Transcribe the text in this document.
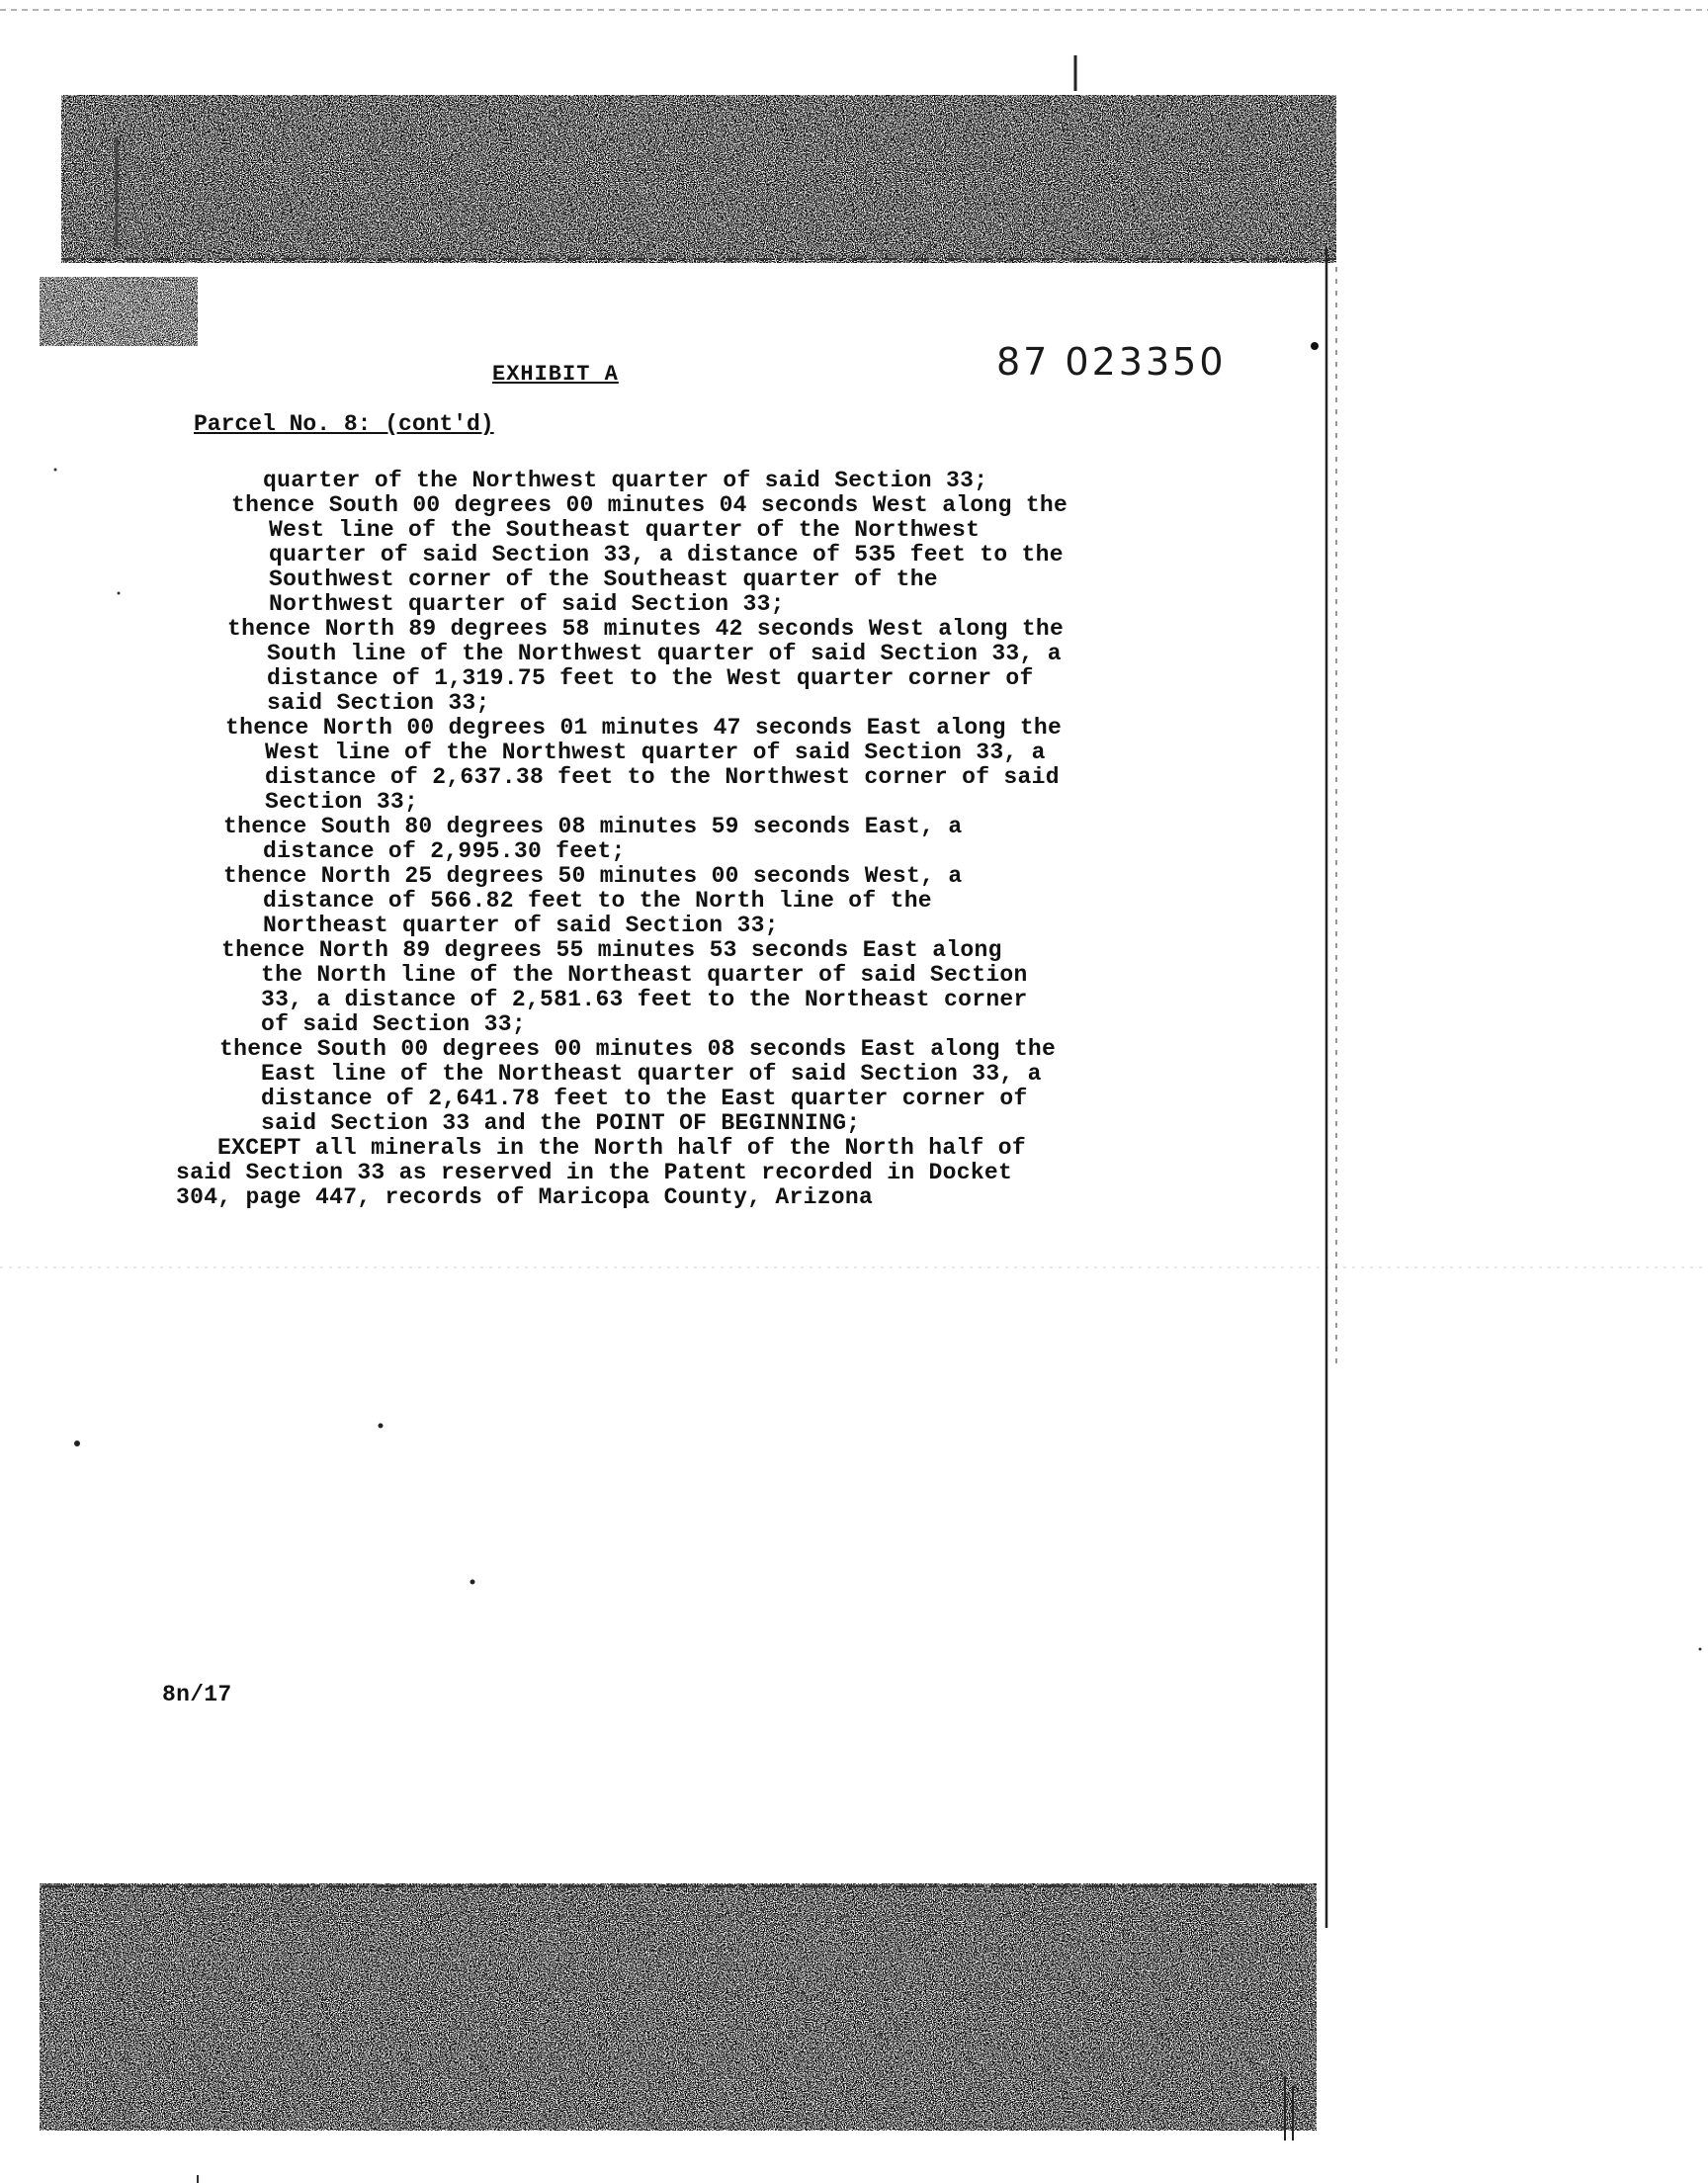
87 023350
EXHIBIT A
Parcel No. 8: (cont'd)

quarter of the Northwest quarter of said Section 33;

thence South 00 degrees 00 minutes 04 seconds West along the

West line of the Southeast quarter of the Northwest

quarter of said Section 33, a distance of 535 feet to the

Southwest corner of the Southeast quarter of the

Northwest quarter of said Section 33;

thence North 89 degrees 58 minutes 42 seconds West along the

South line of the Northwest quarter of said Section 33, a

distance of 1,319.75 feet to the West quarter corner of

said Section 33;

thence North 00 degrees 01 minutes 47 seconds East along the

West line of the Northwest quarter of said Section 33, a

distance of 2,637.38 feet to the Northwest corner of said

Section 33;

thence South 80 degrees 08 minutes 59 seconds East, a

distance of 2,995.30 feet;

thence North 25 degrees 50 minutes 00 seconds West, a

distance of 566.82 feet to the North line of the

Northeast quarter of said Section 33;

thence North 89 degrees 55 minutes 53 seconds East along

the North line of the Northeast quarter of said Section

33, a distance of 2,581.63 feet to the Northeast corner

of said Section 33;

thence South 00 degrees 00 minutes 08 seconds East along the

East line of the Northeast quarter of said Section 33, a

distance of 2,641.78 feet to the East quarter corner of

said Section 33 and the POINT OF BEGINNING;

EXCEPT all minerals in the North half of the North half of

said Section 33 as reserved in the Patent recorded in Docket

304, page 447, records of Maricopa County, Arizona

8n/17
